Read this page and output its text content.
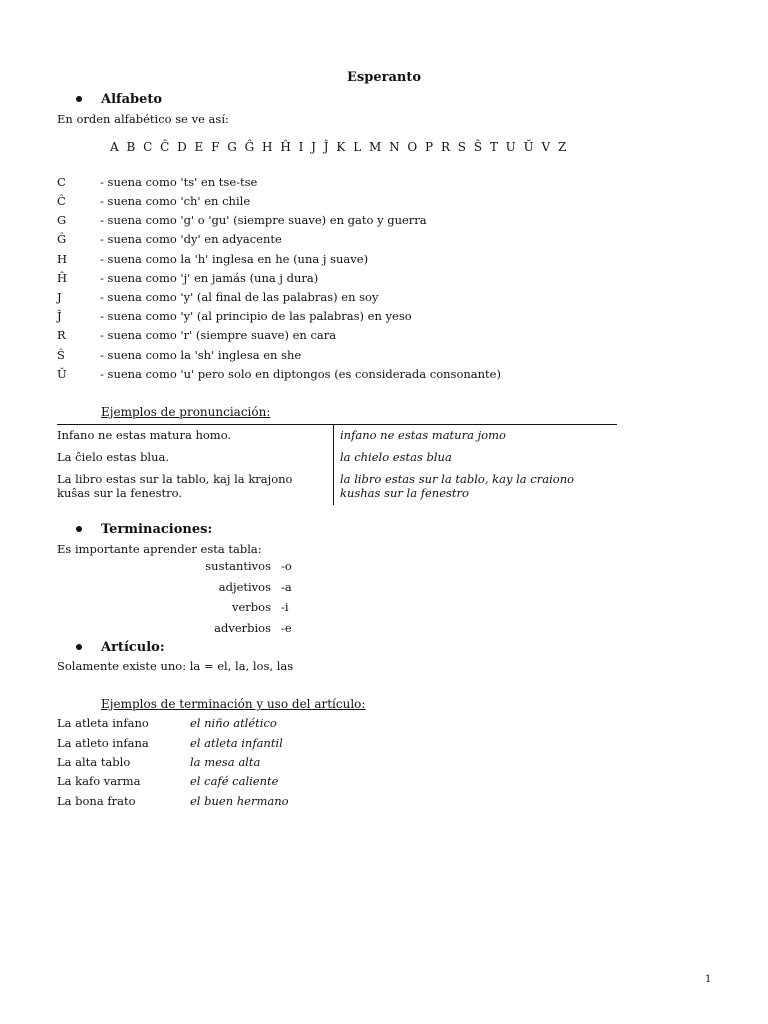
Esperanto
Alfabeto
En orden alfabético se ve así:
A B C Ĉ D E F G Ĝ H Ĥ I J Ĵ K L M N O P R S Ŝ T U Ŭ V Z
C	- suena como 'ts' en tse-tse
Ĉ	- suena como 'ch' en chile
G	- suena como 'g' o 'gu' (siempre suave) en gato y guerra
Ĝ	- suena como 'dy' en adyacente
H	- suena como la 'h' inglesa en he (una j suave)
Ĥ	- suena como 'j' en jamás (una j dura)
J	- suena como 'y' (al final de las palabras) en soy
Ĵ	- suena como 'y' (al principio de las palabras) en yeso
R	- suena como 'r' (siempre suave) en cara
Ŝ	- suena como la 'sh' inglesa en she
Ŭ	- suena como 'u' pero solo en diptongos (es considerada consonante)
Ejemplos de pronunciación:
Infano ne estas matura homo.	infano ne estas matura jomo
La ĉielo estas blua.	la chielo estas blua
La libro estas sur la tablo, kaj la krajono kuŝas sur la fenestro.	la libro estas sur la tablo, kay la craiono kushas sur la fenestro
Terminaciones:
Es importante aprender esta tabla:
sustantivos -o
adjetivos -a
verbos -i
adverbios -e
Artículo:
Solamente existe uno: la = el, la, los, las
Ejemplos de terminación y uso del artículo:
La atleta infano	el niño atlético
La atleto infana	el atleta infantil
La alta tablo	la mesa alta
La kafo varma	el café caliente
La bona frato	el buen hermano
1
